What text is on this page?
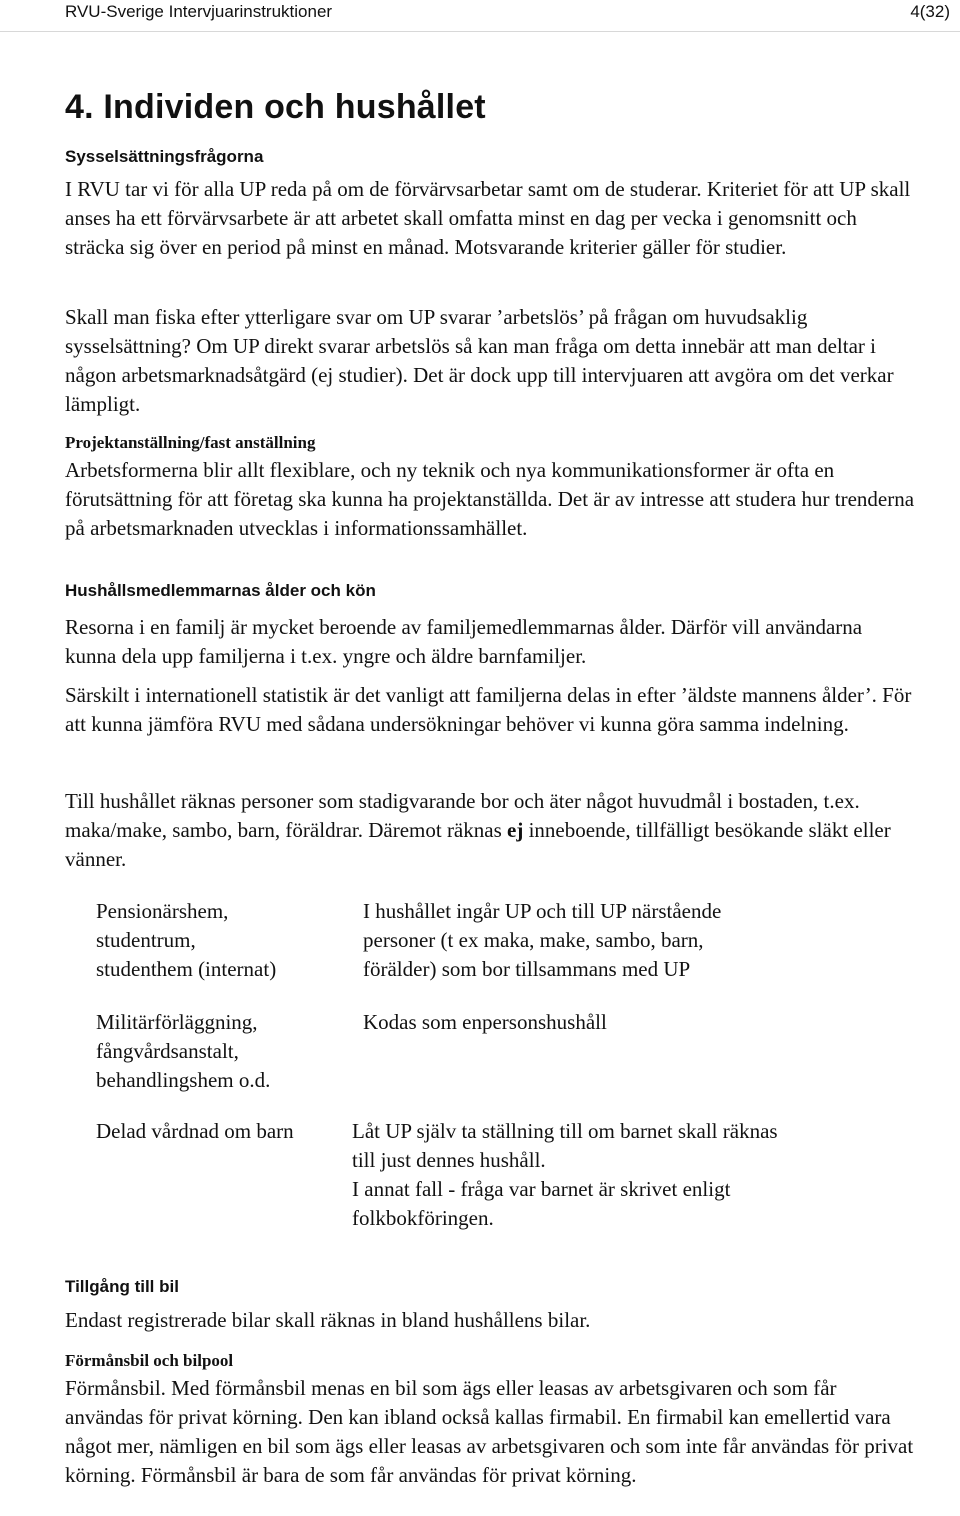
RVU-Sverige Intervjuarinstruktioner	4(32)
4. Individen och hushållet
Sysselsättningsfrågorna

I RVU tar vi för alla UP reda på om de förvärvsarbetar samt om de studerar. Kriteriet för att UP skall anses ha ett förvärvsarbete är att arbetet skall omfatta minst en dag per vecka i genomsnitt och sträcka sig över en period på minst en månad. Motsvarande kriterier gäller för studier.

Skall man fiska efter ytterligare svar om UP svarar ’arbetslös’ på frågan om huvudsaklig sysselsättning? Om UP direkt svarar arbetslös så kan man fråga om detta innebär att man deltar i någon arbetsmarknadsåtgärd (ej studier). Det är dock upp till intervjuaren att avgöra om det verkar lämpligt.

Projektanställning/fast anställning

Arbetsformerna blir allt flexiblare, och ny teknik och nya kommunikationsformer är ofta en förutsättning för att företag ska kunna ha projektanställda. Det är av intresse att studera hur trenderna på arbetsmarknaden utvecklas i informationssamhället.

Hushållsmedlemmarnas ålder och kön

Resorna i en familj är mycket beroende av familjemedlemmarnas ålder. Därför vill användarna kunna dela upp familjerna i t.ex. yngre och äldre barnfamiljer.

Särskilt i internationell statistik är det vanligt att familjerna delas in efter ’äldste mannens ålder’. För att kunna jämföra RVU med sådana undersökningar behöver vi kunna göra samma indelning.

Till hushållet räknas personer som stadigvarande bor och äter något huvudmål i bostaden, t.ex. maka/make, sambo, barn, föräldrar. Däremot räknas ej inneboende, tillfälligt besökande släkt eller vänner.

Pensionärshem,
studentrum,
studenthem (internat)
I hushållet ingår UP och till UP närstående
personer (t ex maka, make, sambo, barn,
förälder) som bor tillsammans med UP
Militärförläggning,
fångvårdsanstalt,
behandlingshem o.d.
Kodas som enpersonshushåll
Delad vårdnad om barn	Låt UP själv ta ställning till om barnet skall räknas
till just dennes hushåll.
I annat fall - fråga var barnet är skrivet enligt
folkbokföringen.
Tillgång till bil

Endast registrerade bilar skall räknas in bland hushållens bilar.

Förmånsbil och bilpool

Förmånsbil. Med förmånsbil menas en bil som ägs eller leasas av arbetsgivaren och som får användas för privat körning. Den kan ibland också kallas firmabil. En firmabil kan emellertid vara något mer, nämligen en bil som ägs eller leasas av arbetsgivaren och som inte får användas för privat körning. Förmånsbil är bara de som får användas för privat körning.
